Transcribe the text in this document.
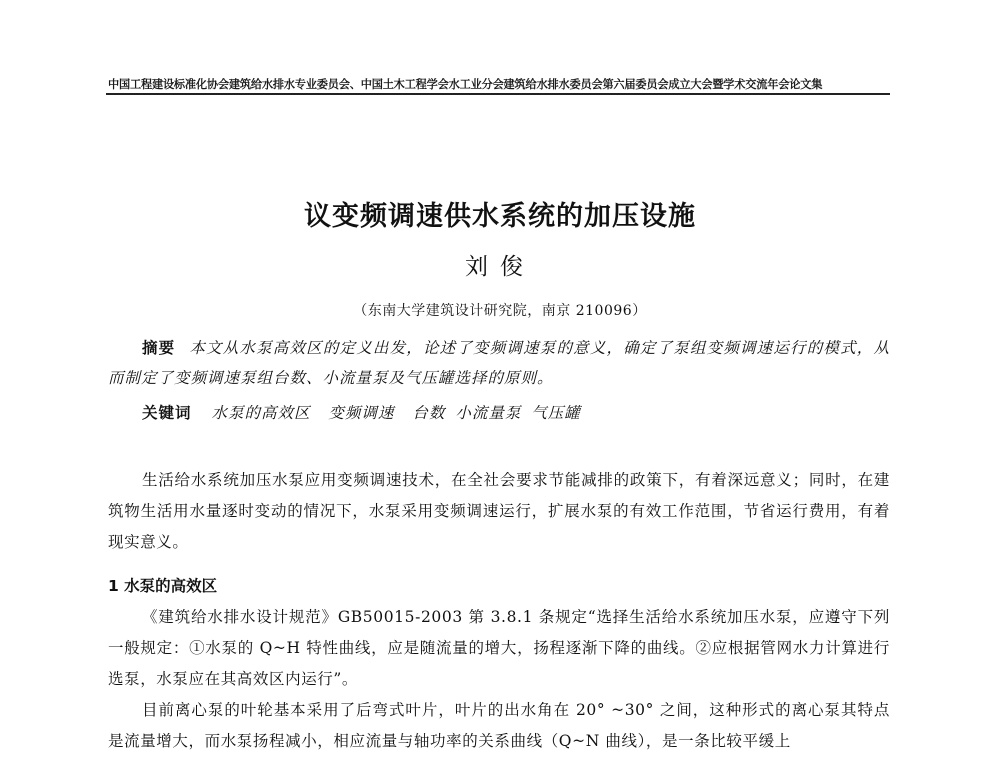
中国工程建设标准化协会建筑给水排水专业委员会、中国土木工程学会水工业分会建筑给水排水委员会第六届委员会成立大会暨学术交流年会论文集
议变频调速供水系统的加压设施
刘俊
（东南大学建筑设计研究院，南京 210096）
摘要 本文从水泵高效区的定义出发，论述了变频调速泵的意义，确定了泵组变频调速运行的模式，从而制定了变频调速泵组台数、小流量泵及气压罐选择的原则。
关键词 水泵的高效区 变频调速 台数 小流量泵 气压罐

生活给水系统加压水泵应用变频调速技术，在全社会要求节能减排的政策下，有着深远意义；同时，在建筑物生活用水量逐时变动的情况下，水泵采用变频调速运行，扩展水泵的有效工作范围，节省运行费用，有着现实意义。

1 水泵的高效区

《建筑给水排水设计规范》GB50015-2003 第 3.8.1 条规定“选择生活给水系统加压水泵，应遵守下列一般规定：①水泵的 Q~H 特性曲线，应是随流量的增大，扬程逐渐下降的曲线。②应根据管网水力计算进行选泵，水泵应在其高效区内运行”。

目前离心泵的叶轮基本采用了后弯式叶片，叶片的出水角在 20° ~30° 之间，这种形式的离心泵其特点是流量增大，而水泵扬程减小，相应流量与轴功率的关系曲线（Q~N 曲线），是一条比较平缓上
